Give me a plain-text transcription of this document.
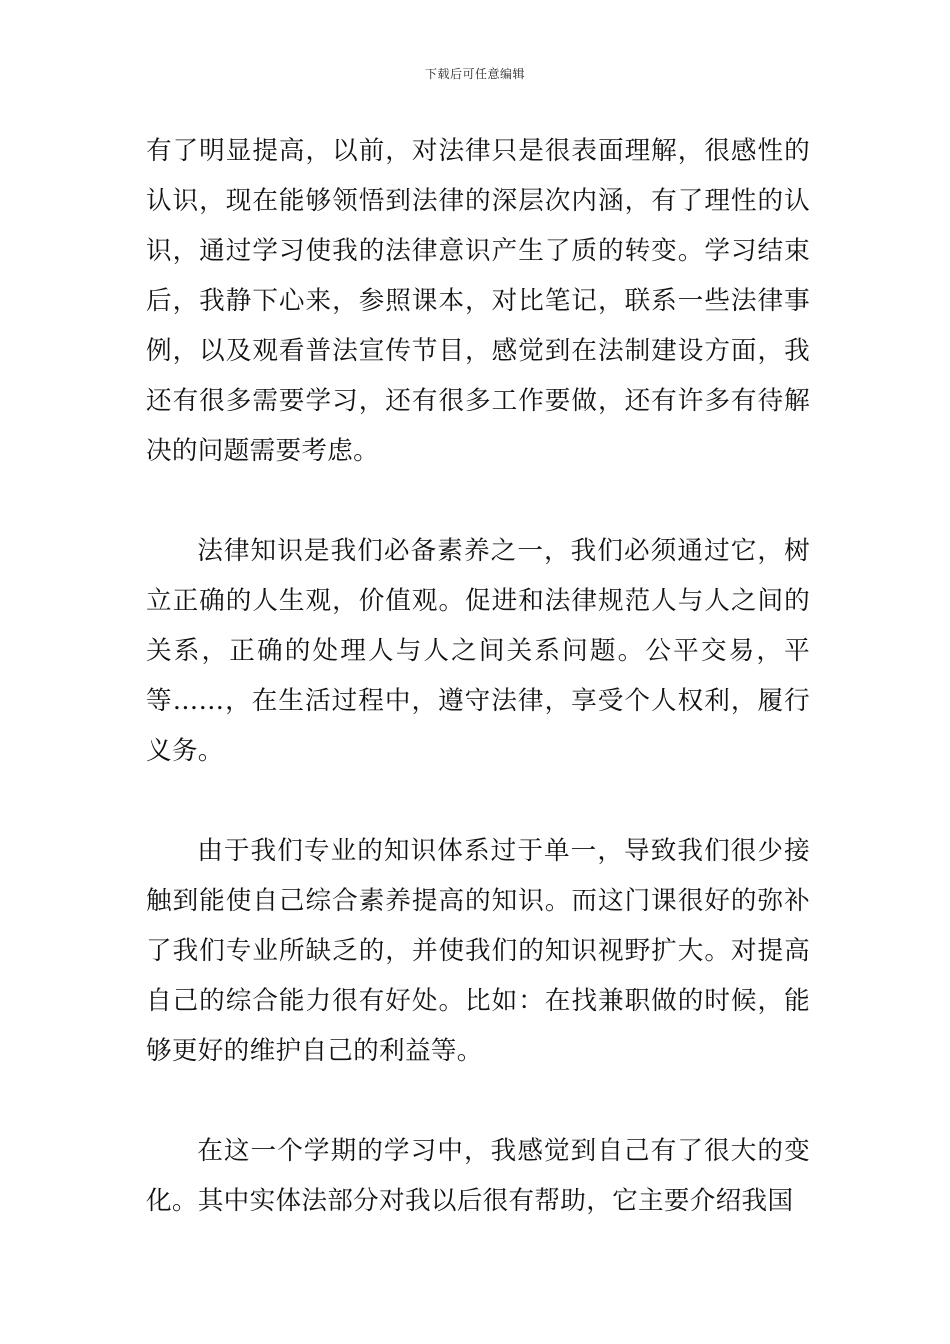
下载后可任意编辑

有了明显提高，以前，对法律只是很表面理解，很感性的认识，现在能够领悟到法律的深层次内涵，有了理性的认识，通过学习使我的法律意识产生了质的转变。学习结束后，我静下心来，参照课本，对比笔记，联系一些法律事例，以及观看普法宣传节目，感觉到在法制建设方面，我还有很多需要学习，还有很多工作要做，还有许多有待解决的问题需要考虑。

法律知识是我们必备素养之一，我们必须通过它，树立正确的人生观，价值观。促进和法律规范人与人之间的关系，正确的处理人与人之间关系问题。公平交易，平等……，在生活过程中，遵守法律，享受个人权利，履行义务。

由于我们专业的知识体系过于单一，导致我们很少接触到能使自己综合素养提高的知识。而这门课很好的弥补了我们专业所缺乏的，并使我们的知识视野扩大。对提高自己的综合能力很有好处。比如：在找兼职做的时候，能够更好的维护自己的利益等。

在这一个学期的学习中，我感觉到自己有了很大的变化。其中实体法部分对我以后很有帮助，它主要介绍我国
